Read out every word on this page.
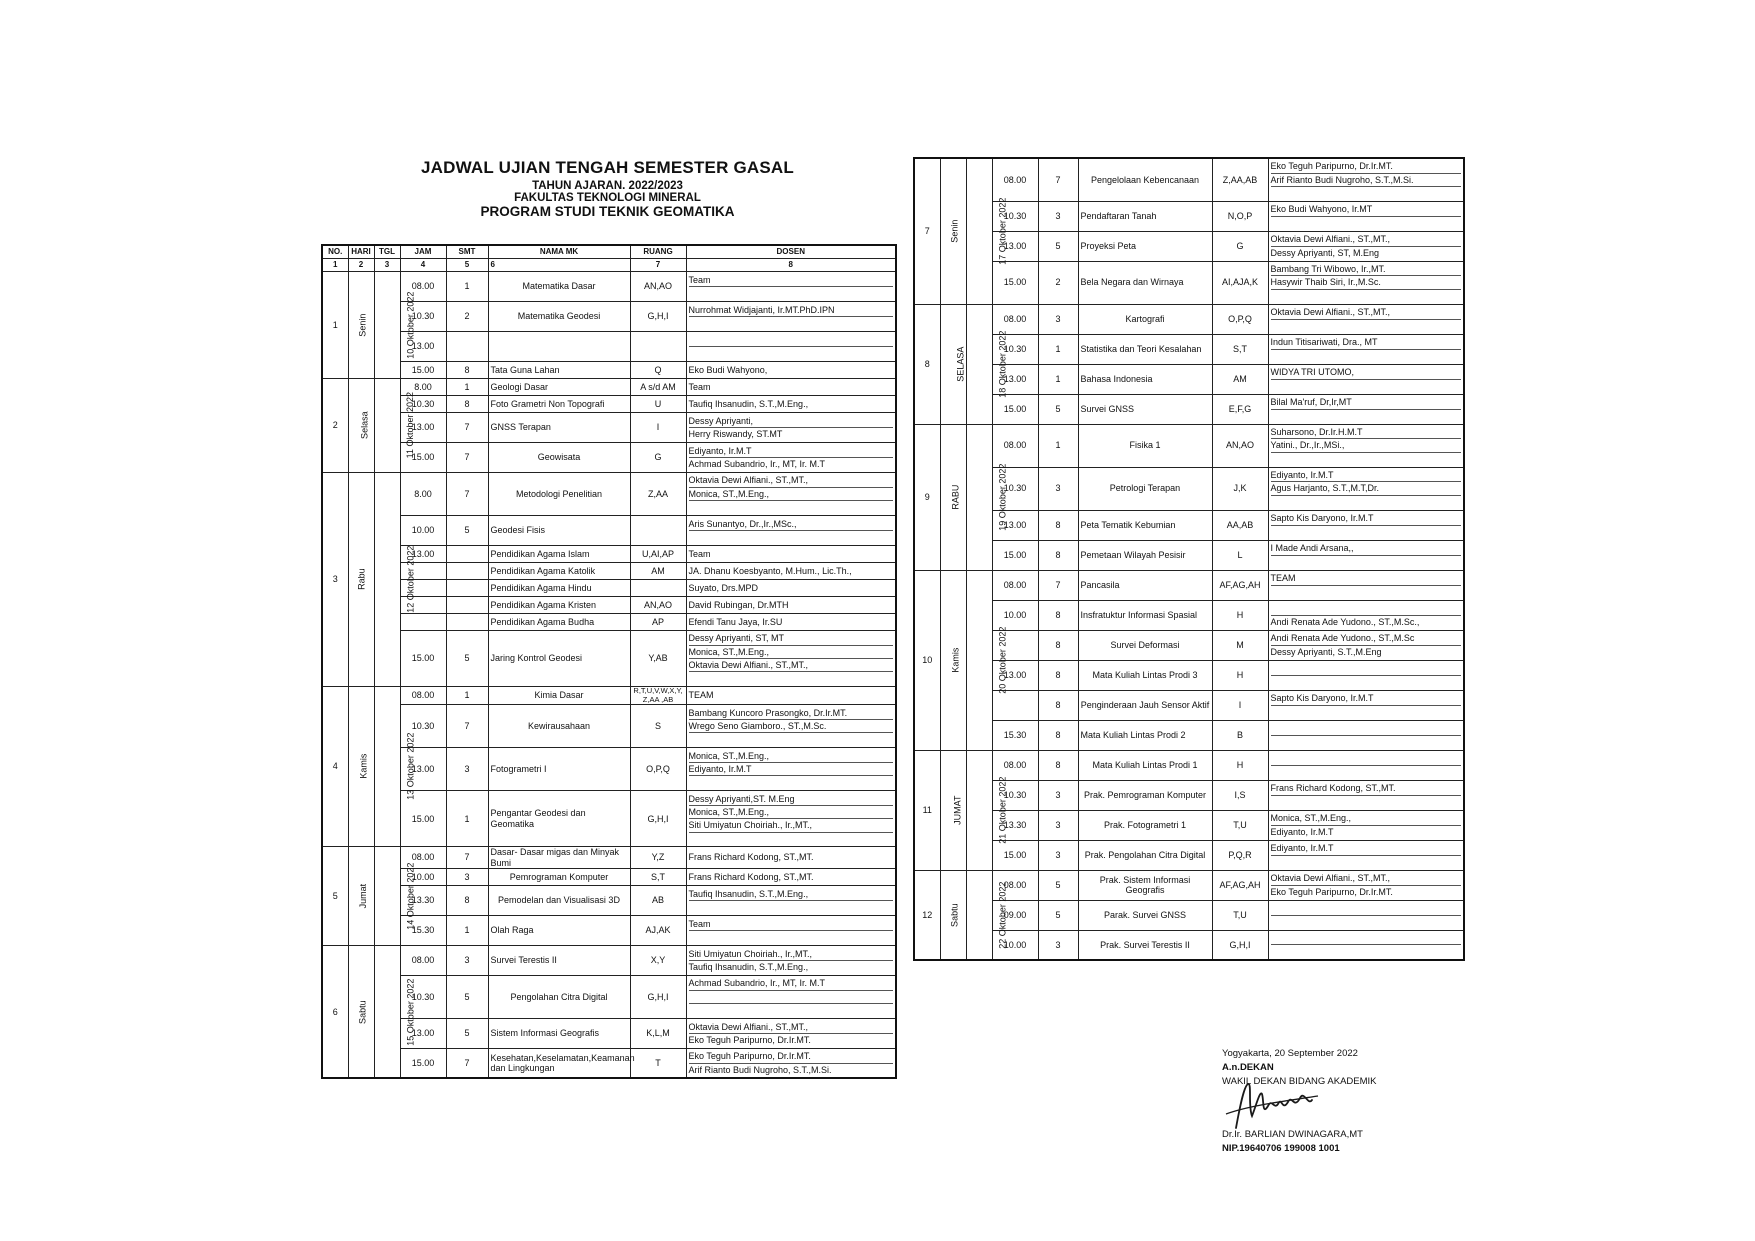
JADWAL UJIAN TENGAH SEMESTER GASAL
TAHUN AJARAN. 2022/2023
FAKULTAS TEKNOLOGI MINERAL
PROGRAM STUDI TEKNIK GEOMATIKA
NO.	HARI	TGL	JAM	SMT	NAMA MK	RUANG	DOSEN
1	2	3	4	5	6	7	8
1	Senin	10 Oktober 2022	08.00	1	Matematika Dasar	AN,AO	Team

			10.30	2	Matematika Geodesi	G,H,I	Nurrohmat Widjajanti, Ir.MT.PhD.IPN

			13.00				

			15.00	8	Tata Guna Lahan	Q	Eko Budi Wahyono,

2	Selasa	11 Oktober 2022	8.00	1	Geologi Dasar	A s/d AM	Team

			10.30	8	Foto Grametri Non Topografi	U	Taufiq Ihsanudin, S.T.,M.Eng.,

			13.00	7	GNSS Terapan	I	Dessy Apriyanti,
Herry Riswandy, ST.MT

			15.00	7	Geowisata	G	Ediyanto, Ir.M.T
Achmad Subandrio, Ir., MT, Ir. M.T

3	Rabu	12 Oktober 2022	8.00	7	Metodologi Penelitian	Z,AA	Oktavia Dewi Alfiani., ST.,MT.,
Monica, ST.,M.Eng.,

			10.00	5	Geodesi Fisis		Aris Sunantyo, Dr.,Ir.,MSc.,

			13.00		Pendidikan Agama Islam	U,AI,AP	Team

					Pendidikan Agama Katolik	AM	JA. Dhanu Koesbyanto, M.Hum., Lic.Th.,

					Pendidikan Agama Hindu		Suyato, Drs.MPD

					Pendidikan Agama Kristen	AN,AO	David Rubingan, Dr.MTH

					Pendidikan Agama Budha	AP	Efendi Tanu Jaya, Ir.SU

			15.00	5	Jaring Kontrol Geodesi	Y,AB	Dessy Apriyanti, ST, MT
Monica, ST.,M.Eng.,
Oktavia Dewi Alfiani., ST.,MT.,

4	Kamis	13 Oktober 2022	08.00	1	Kimia Dasar	R,T,U,V,W,X,Y, Z,AA ,AB	TEAM

			10.30	7	Kewirausahaan	S	Bambang Kuncoro Prasongko, Dr.Ir.MT.
Wrego Seno Giamboro., ST.,M.Sc.

			13.00	3	Fotogrametri I	O,P,Q	Monica, ST.,M.Eng.,
Ediyanto, Ir.M.T

			15.00	1	Pengantar Geodesi dan Geomatika	G,H,I	Dessy Apriyanti,ST. M.Eng
Monica, ST.,M.Eng.,
Siti Umiyatun Choiriah., Ir.,MT.,

5	Jumat	14 Oktober 2022	08.00	7	Dasar- Dasar migas dan Minyak Bumi	Y,Z	Frans Richard Kodong, ST.,MT.

			10.00	3	Pemrograman Komputer	S,T	Frans Richard Kodong, ST.,MT.

			13.30	8	Pemodelan dan Visualisasi 3D	AB	Taufiq Ihsanudin, S.T.,M.Eng.,

			15.30	1	Olah Raga	AJ,AK	Team

6	Sabtu	15 Oktober 2022	08.00	3	Survei Terestis II	X,Y	Siti Umiyatun Choiriah., Ir.,MT.,
Taufiq Ihsanudin, S.T.,M.Eng.,

			10.30	5	Pengolahan Citra Digital	G,H,I	Achmad Subandrio, Ir., MT, Ir. M.T

			13.00	5	Sistem Informasi Geografis	K,L,M	Oktavia Dewi Alfiani., ST.,MT.,
Eko Teguh Paripurno, Dr.Ir.MT.

			15.00	7	Kesehatan,Keselamatan,Keamanan dan Lingkungan	T	Eko Teguh Paripurno, Dr.Ir.MT.
Arif Rianto Budi Nugroho, S.T.,M.Si.
7	Senin	17 Oktober 2022	08.00	7	Pengelolaan Kebencanaan	Z,AA,AB	Eko Teguh Paripurno, Dr.Ir.MT.
Arif Rianto Budi Nugroho, S.T.,M.Si.

			10.30	3	Pendaftaran Tanah	N,O,P	Eko Budi Wahyono, Ir.MT

			13.00	5	Proyeksi Peta	G	Oktavia Dewi Alfiani., ST.,MT.,
Dessy Apriyanti, ST, M.Eng

			15.00	2	Bela Negara dan Wirnaya	AI,AJA,K	Bambang Tri Wibowo, Ir.,MT.
Hasywir Thaib Siri, Ir.,M.Sc.

8	SELASA	18 Oktober 2022	08.00	3	Kartografi	O,P,Q	Oktavia Dewi Alfiani., ST.,MT.,

			10.30	1	Statistika dan Teori Kesalahan	S,T	Indun Titisariwati, Dra., MT

			13.00	1	Bahasa Indonesia	AM	WIDYA TRI UTOMO,

			15.00	5	Survei GNSS	E,F,G	Bilal Ma'ruf, Dr,Ir,MT

9	RABU	19 Oktober 2022	08.00	1	Fisika 1	AN,AO	Suharsono, Dr.Ir.H.M.T
Yatini., Dr.,Ir.,MSi.,

			10.30	3	Petrologi Terapan	J,K	Ediyanto, Ir.M.T
Agus Harjanto, S.T.,M.T,Dr.

			13.00	8	Peta Tematik Kebumian	AA,AB	Sapto Kis Daryono, Ir.M.T

			15.00	8	Pemetaan Wilayah Pesisir	L	I Made Andi Arsana,,

10	Kamis	20 Oktober 2022	08.00	7	Pancasila	AF,AG,AH	TEAM

			10.00	8	Insfratuktur Informasi Spasial	H	Andi Renata Ade Yudono., ST.,M.Sc.,

				8	Survei Deformasi	M	Andi Renata Ade Yudono., ST.,M.Sc
Dessy Apriyanti, S.T.,M.Eng

			13.00	8	Mata Kuliah Lintas Prodi 3	H	

				8	Penginderaan Jauh Sensor Aktif	I	Sapto Kis Daryono, Ir.M.T

			15.30	8	Mata Kuliah Lintas Prodi 2	B	

11	JUMAT	21 Oktober 2022	08.00	8	Mata Kuliah Lintas Prodi 1	H	

			10.30	3	Prak. Pemrograman Komputer	I,S	Frans Richard Kodong, ST.,MT.

			13.30	3	Prak. Fotogrametri 1	T,U	Monica, ST.,M.Eng.,
Ediyanto, Ir.M.T

			15.00	3	Prak. Pengolahan Citra Digital	P,Q,R	Ediyanto, Ir.M.T

12	Sabtu	22 Oktober 2022	08.00	5	Prak. Sistem Informasi Geografis	AF,AG,AH	Oktavia Dewi Alfiani., ST.,MT.,
Eko Teguh Paripurno, Dr.Ir.MT.

			09.00	5	Parak. Survei GNSS	T,U	

			10.00	3	Prak. Survei Terestis II	G,H,I	

Yogyakarta, 20 September 2022
A.n.DEKAN
WAKIL DEKAN BIDANG AKADEMIK
Dr.Ir. BARLIAN DWINAGARA,MT
NIP.19640706 199008 1001
